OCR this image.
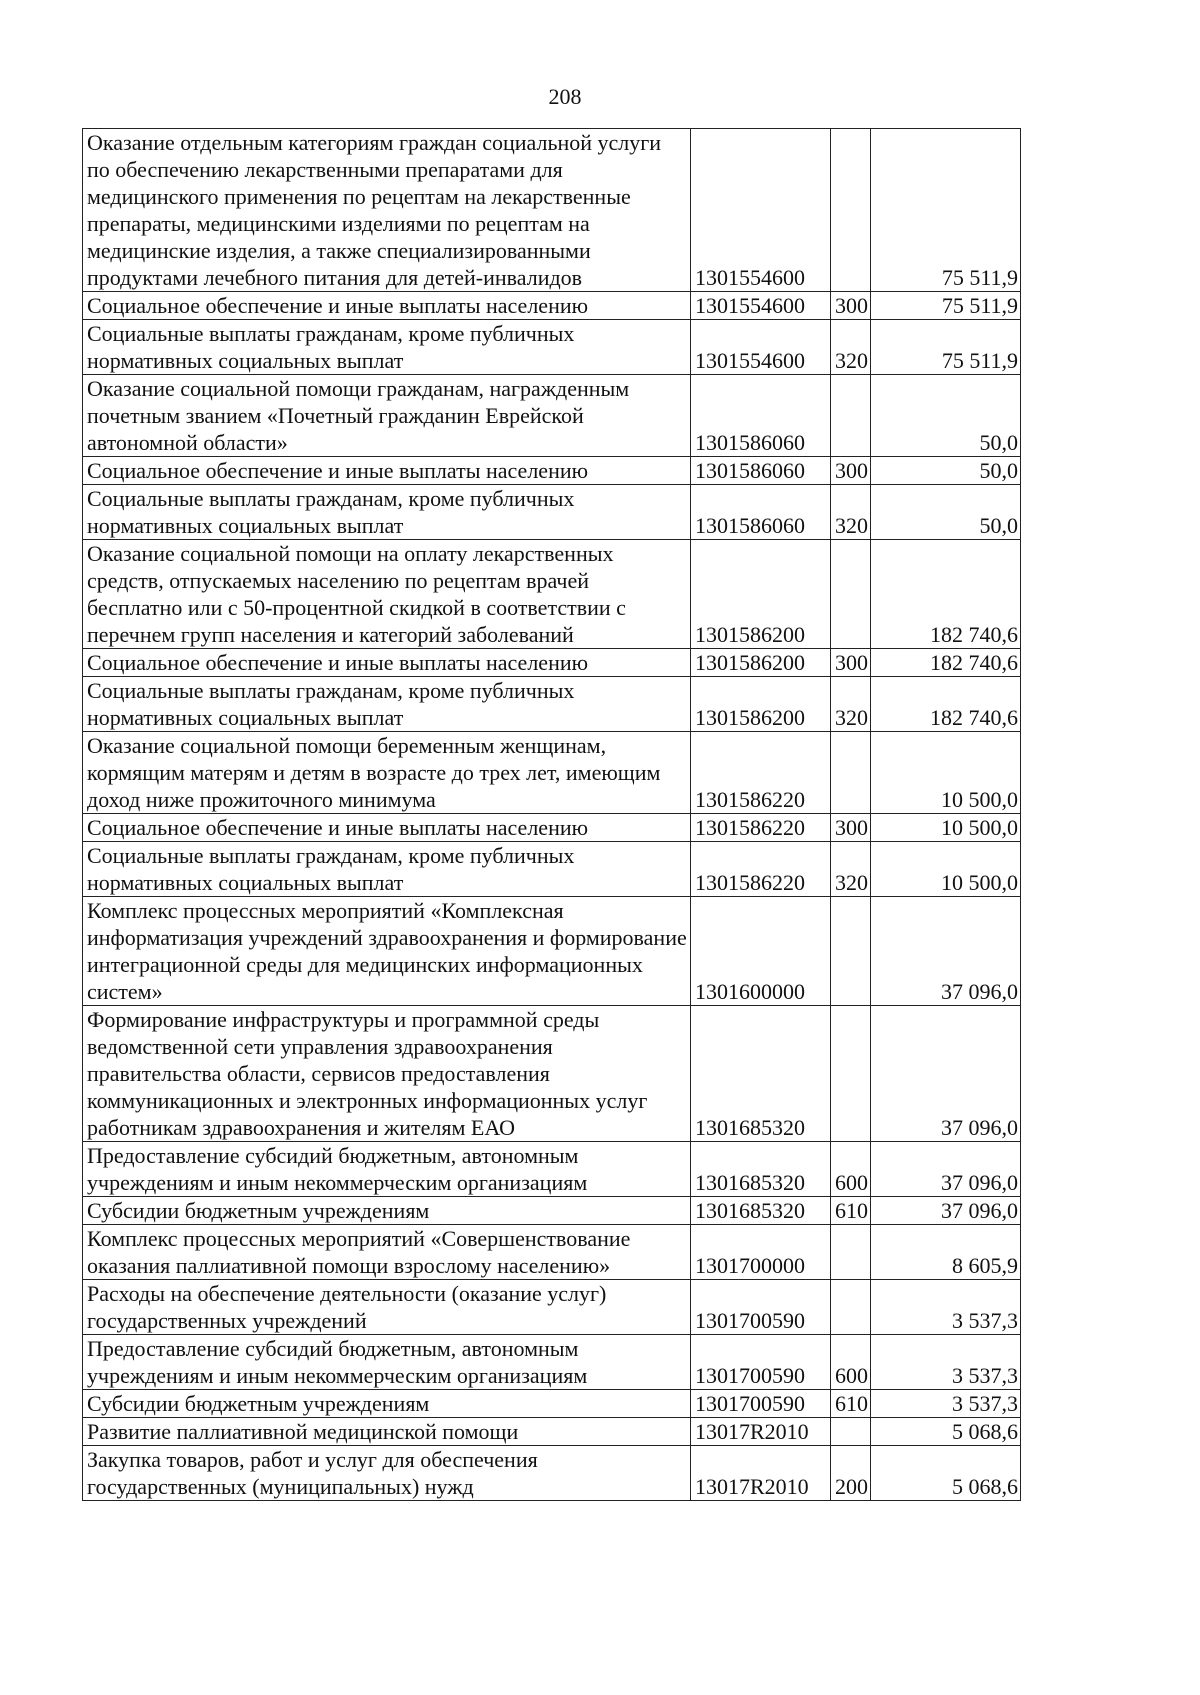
208
Оказание отдельным категориям граждан социальной услуги по обеспечению лекарственными препаратами для медицинского применения по рецептам на лекарственные препараты, медицинскими изделиями по рецептам на медицинские изделия, а также специализированными продуктами лечебного питания для детей-инвалидов	1301554600		75 511,9
Социальное обеспечение и иные выплаты населению	1301554600	300	75 511,9
Социальные выплаты гражданам, кроме публичных нормативных социальных выплат	1301554600	320	75 511,9
Оказание социальной помощи гражданам, награжденным почетным званием «Почетный гражданин Еврейской автономной области»	1301586060		50,0
Социальное обеспечение и иные выплаты населению	1301586060	300	50,0
Социальные выплаты гражданам, кроме публичных нормативных социальных выплат	1301586060	320	50,0
Оказание социальной помощи на оплату лекарственных средств, отпускаемых населению по рецептам врачей бесплатно или с 50-процентной скидкой в соответствии с перечнем групп населения и категорий заболеваний	1301586200		182 740,6
Социальное обеспечение и иные выплаты населению	1301586200	300	182 740,6
Социальные выплаты гражданам, кроме публичных нормативных социальных выплат	1301586200	320	182 740,6
Оказание социальной помощи беременным женщинам, кормящим матерям и детям в возрасте до трех лет, имеющим доход ниже прожиточного минимума	1301586220		10 500,0
Социальное обеспечение и иные выплаты населению	1301586220	300	10 500,0
Социальные выплаты гражданам, кроме публичных нормативных социальных выплат	1301586220	320	10 500,0
Комплекс процессных мероприятий «Комплексная информатизация учреждений здравоохранения и формирование интеграционной среды для медицинских информационных систем»	1301600000		37 096,0
Формирование инфраструктуры и программной среды ведомственной сети управления здравоохранения правительства области, сервисов предоставления коммуникационных и электронных информационных услуг работникам здравоохранения и жителям ЕАО	1301685320		37 096,0
Предоставление субсидий бюджетным, автономным учреждениям и иным некоммерческим организациям	1301685320	600	37 096,0
Субсидии бюджетным учреждениям	1301685320	610	37 096,0
Комплекс процессных мероприятий «Совершенствование оказания паллиативной помощи взрослому населению»	1301700000		8 605,9
Расходы на обеспечение деятельности (оказание услуг) государственных учреждений	1301700590		3 537,3
Предоставление субсидий бюджетным, автономным учреждениям и иным некоммерческим организациям	1301700590	600	3 537,3
Субсидии бюджетным учреждениям	1301700590	610	3 537,3
Развитие паллиативной медицинской помощи	13017R2010		5 068,6
Закупка товаров, работ и услуг для обеспечения государственных (муниципальных) нужд	13017R2010	200	5 068,6
